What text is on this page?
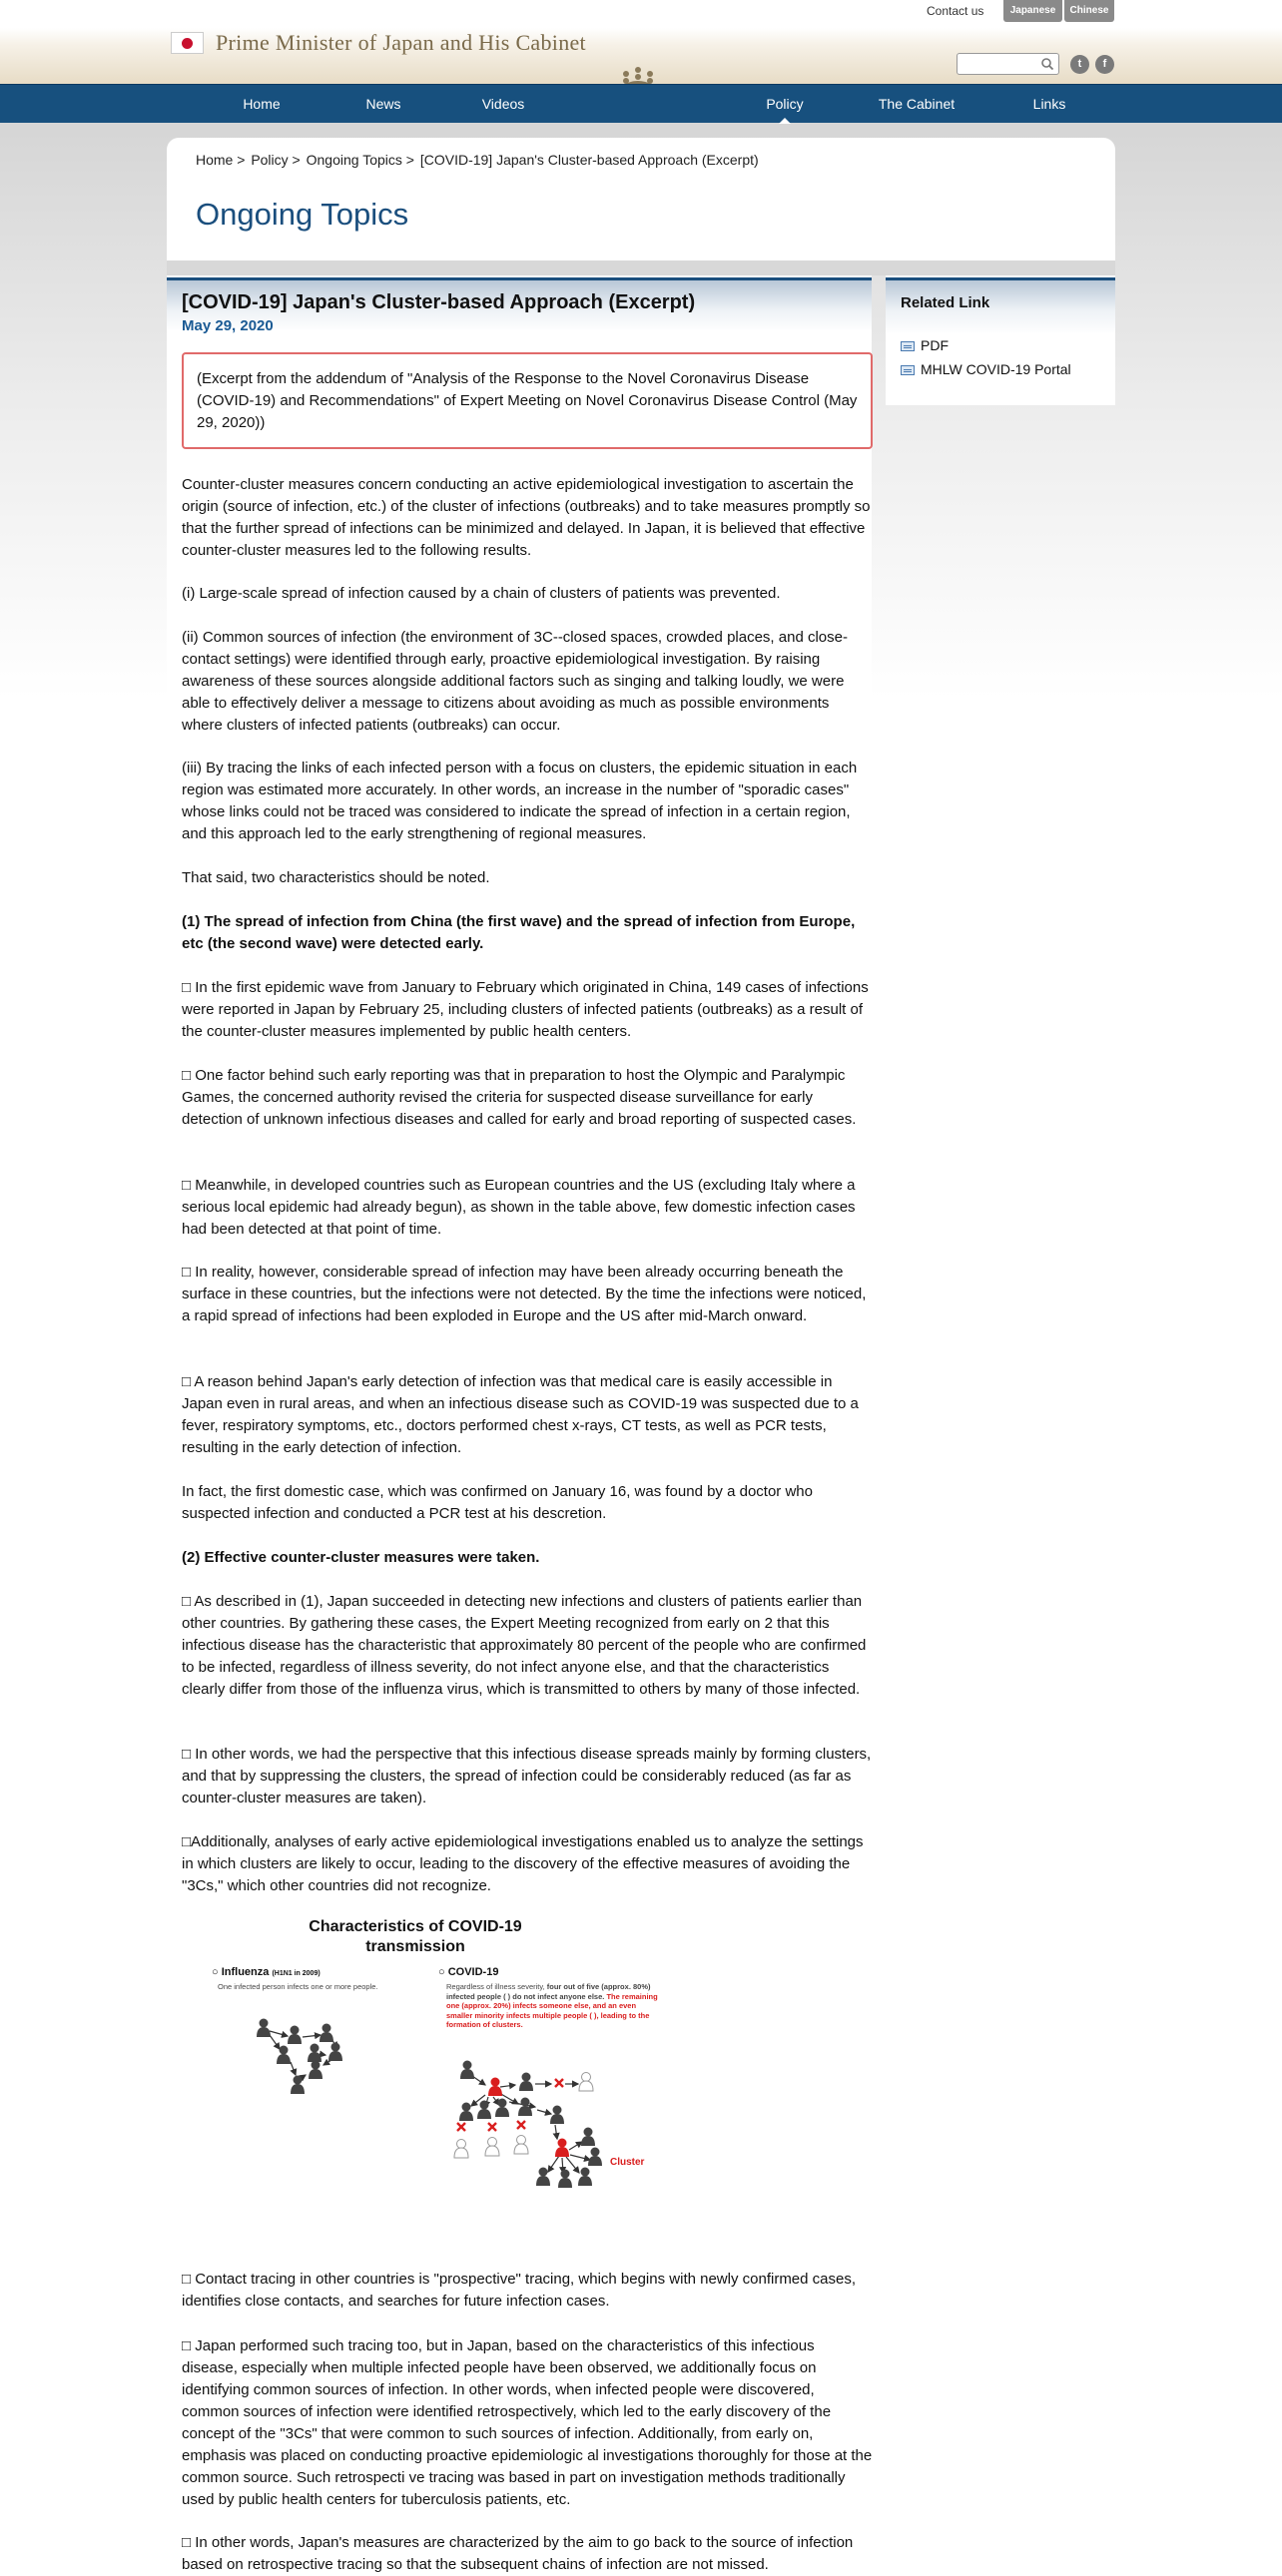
Contact us	Japanese	Chinese
Prime Minister of Japan and His Cabinet
t	f
Home	News	Videos	Policy	The Cabinet	Links
Home > Policy > Ongoing Topics > [COVID-19] Japan's Cluster-based Approach (Excerpt)
Ongoing Topics
[COVID-19] Japan's Cluster-based Approach (Excerpt)
May 29, 2020
(Excerpt from the addendum of "Analysis of the Response to the Novel Coronavirus Disease (COVID-19) and Recommendations" of Expert Meeting on Novel Coronavirus Disease Control (May 29, 2020))
Counter-cluster measures concern conducting an active epidemiological investigation to ascertain the origin (source of infection, etc.) of the cluster of infections (outbreaks) and to take measures promptly so that the further spread of infections can be minimized and delayed. In Japan, it is believed that effective counter-cluster measures led to the following results.
(i) Large-scale spread of infection caused by a chain of clusters of patients was prevented.
(ii) Common sources of infection (the environment of 3C--closed spaces, crowded places, and close-contact settings) were identified through early, proactive epidemiological investigation. By raising awareness of these sources alongside additional factors such as singing and talking loudly, we were able to effectively deliver a message to citizens about avoiding as much as possible environments where clusters of infected patients (outbreaks) can occur.
(iii) By tracing the links of each infected person with a focus on clusters, the epidemic situation in each region was estimated more accurately. In other words, an increase in the number of "sporadic cases" whose links could not be traced was considered to indicate the spread of infection in a certain region, and this approach led to the early strengthening of regional measures.
That said, two characteristics should be noted.
(1) The spread of infection from China (the first wave) and the spread of infection from Europe, etc (the second wave) were detected early.
□ In the first epidemic wave from January to February which originated in China, 149 cases of infections were reported in Japan by February 25, including clusters of infected patients (outbreaks) as a result of the counter-cluster measures implemented by public health centers.
□ One factor behind such early reporting was that in preparation to host the Olympic and Paralympic Games, the concerned authority revised the criteria for suspected disease surveillance for early detection of unknown infectious diseases and called for early and broad reporting of suspected cases.
□ Meanwhile, in developed countries such as European countries and the US (excluding Italy where a serious local epidemic had already begun), as shown in the table above, few domestic infection cases had been detected at that point of time.
□ In reality, however, considerable spread of infection may have been already occurring beneath the surface in these countries, but the infections were not detected. By the time the infections were noticed, a rapid spread of infections had been exploded in Europe and the US after mid-March onward.
□ A reason behind Japan's early detection of infection was that medical care is easily accessible in Japan even in rural areas, and when an infectious disease such as COVID-19 was suspected due to a fever, respiratory symptoms, etc., doctors performed chest x-rays, CT tests, as well as PCR tests, resulting in the early detection of infection.
In fact, the first domestic case, which was confirmed on January 16, was found by a doctor who suspected infection and conducted a PCR test at his descretion.
(2) Effective counter-cluster measures were taken.
□ As described in (1), Japan succeeded in detecting new infections and clusters of patients earlier than other countries. By gathering these cases, the Expert Meeting recognized from early on 2 that this infectious disease has the characteristic that approximately 80 percent of the people who are confirmed to be infected, regardless of illness severity, do not infect anyone else, and that the characteristics clearly differ from those of the influenza virus, which is transmitted to others by many of those infected.
□ In other words, we had the perspective that this infectious disease spreads mainly by forming clusters, and that by suppressing the clusters, the spread of infection could be considerably reduced (as far as counter-cluster measures are taken).
□Additionally, analyses of early active epidemiological investigations enabled us to analyze the settings in which clusters are likely to occur, leading to the discovery of the effective measures of avoiding the "3Cs," which other countries did not recognize.
Characteristics of COVID-19 transmission
○ Influenza (H1N1 in 2009)
One infected person infects one or more people.
○ COVID-19
Regardless of illness severity, four out of five (approx. 80%) infected people ( ) do not infect anyone else. The remaining one (approx. 20%) infects someone else, and an even smaller minority infects multiple people ( ), leading to the formation of clusters.
Cluster
□ Contact tracing in other countries is "prospective" tracing, which begins with newly confirmed cases, identifies close contacts, and searches for future infection cases.
□ Japan performed such tracing too, but in Japan, based on the characteristics of this infectious disease, especially when multiple infected people have been observed, we additionally focus on identifying common sources of infection. In other words, when infected people were discovered, common sources of infection were identified retrospectively, which led to the early discovery of the concept of the "3Cs" that were common to such sources of infection. Additionally, from early on, emphasis was placed on conducting proactive epidemiologic al investigations thoroughly for those at the common source. Such retrospecti ve tracing was based in part on investigation methods traditionally used by public health centers for tuberculosis patients, etc.
□ In other words, Japan's measures are characterized by the aim to go back to the source of infection based on retrospective tracing so that the subsequent chains of infection are not missed.
Related Link
PDF
MHLW COVID-19 Portal
